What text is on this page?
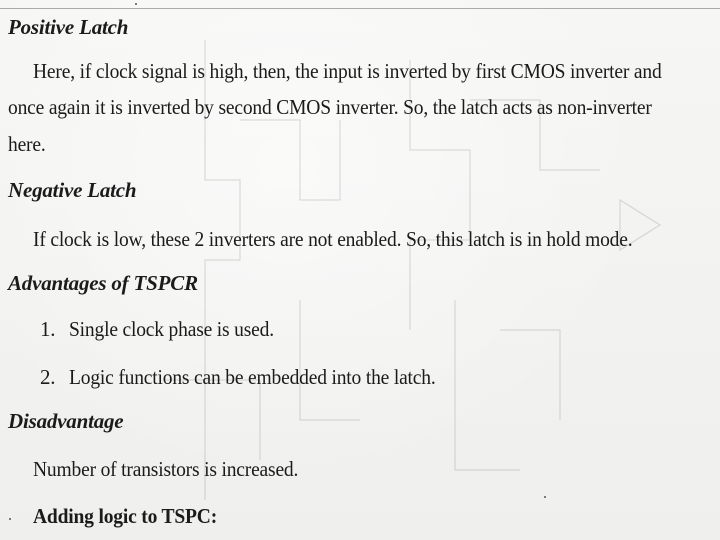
Positive Latch
Here, if clock signal is high, then, the input is inverted by first CMOS inverter and
once again it is inverted by second CMOS inverter. So, the latch acts as non-inverter
here.
Negative Latch
If clock is low, these 2 inverters are not enabled. So, this latch is in hold mode.
Advantages of TSPCR
1. Single clock phase is used.
2. Logic functions can be embedded into the latch.
Disadvantage
Number of transistors is increased.
Adding logic to TSPC:
